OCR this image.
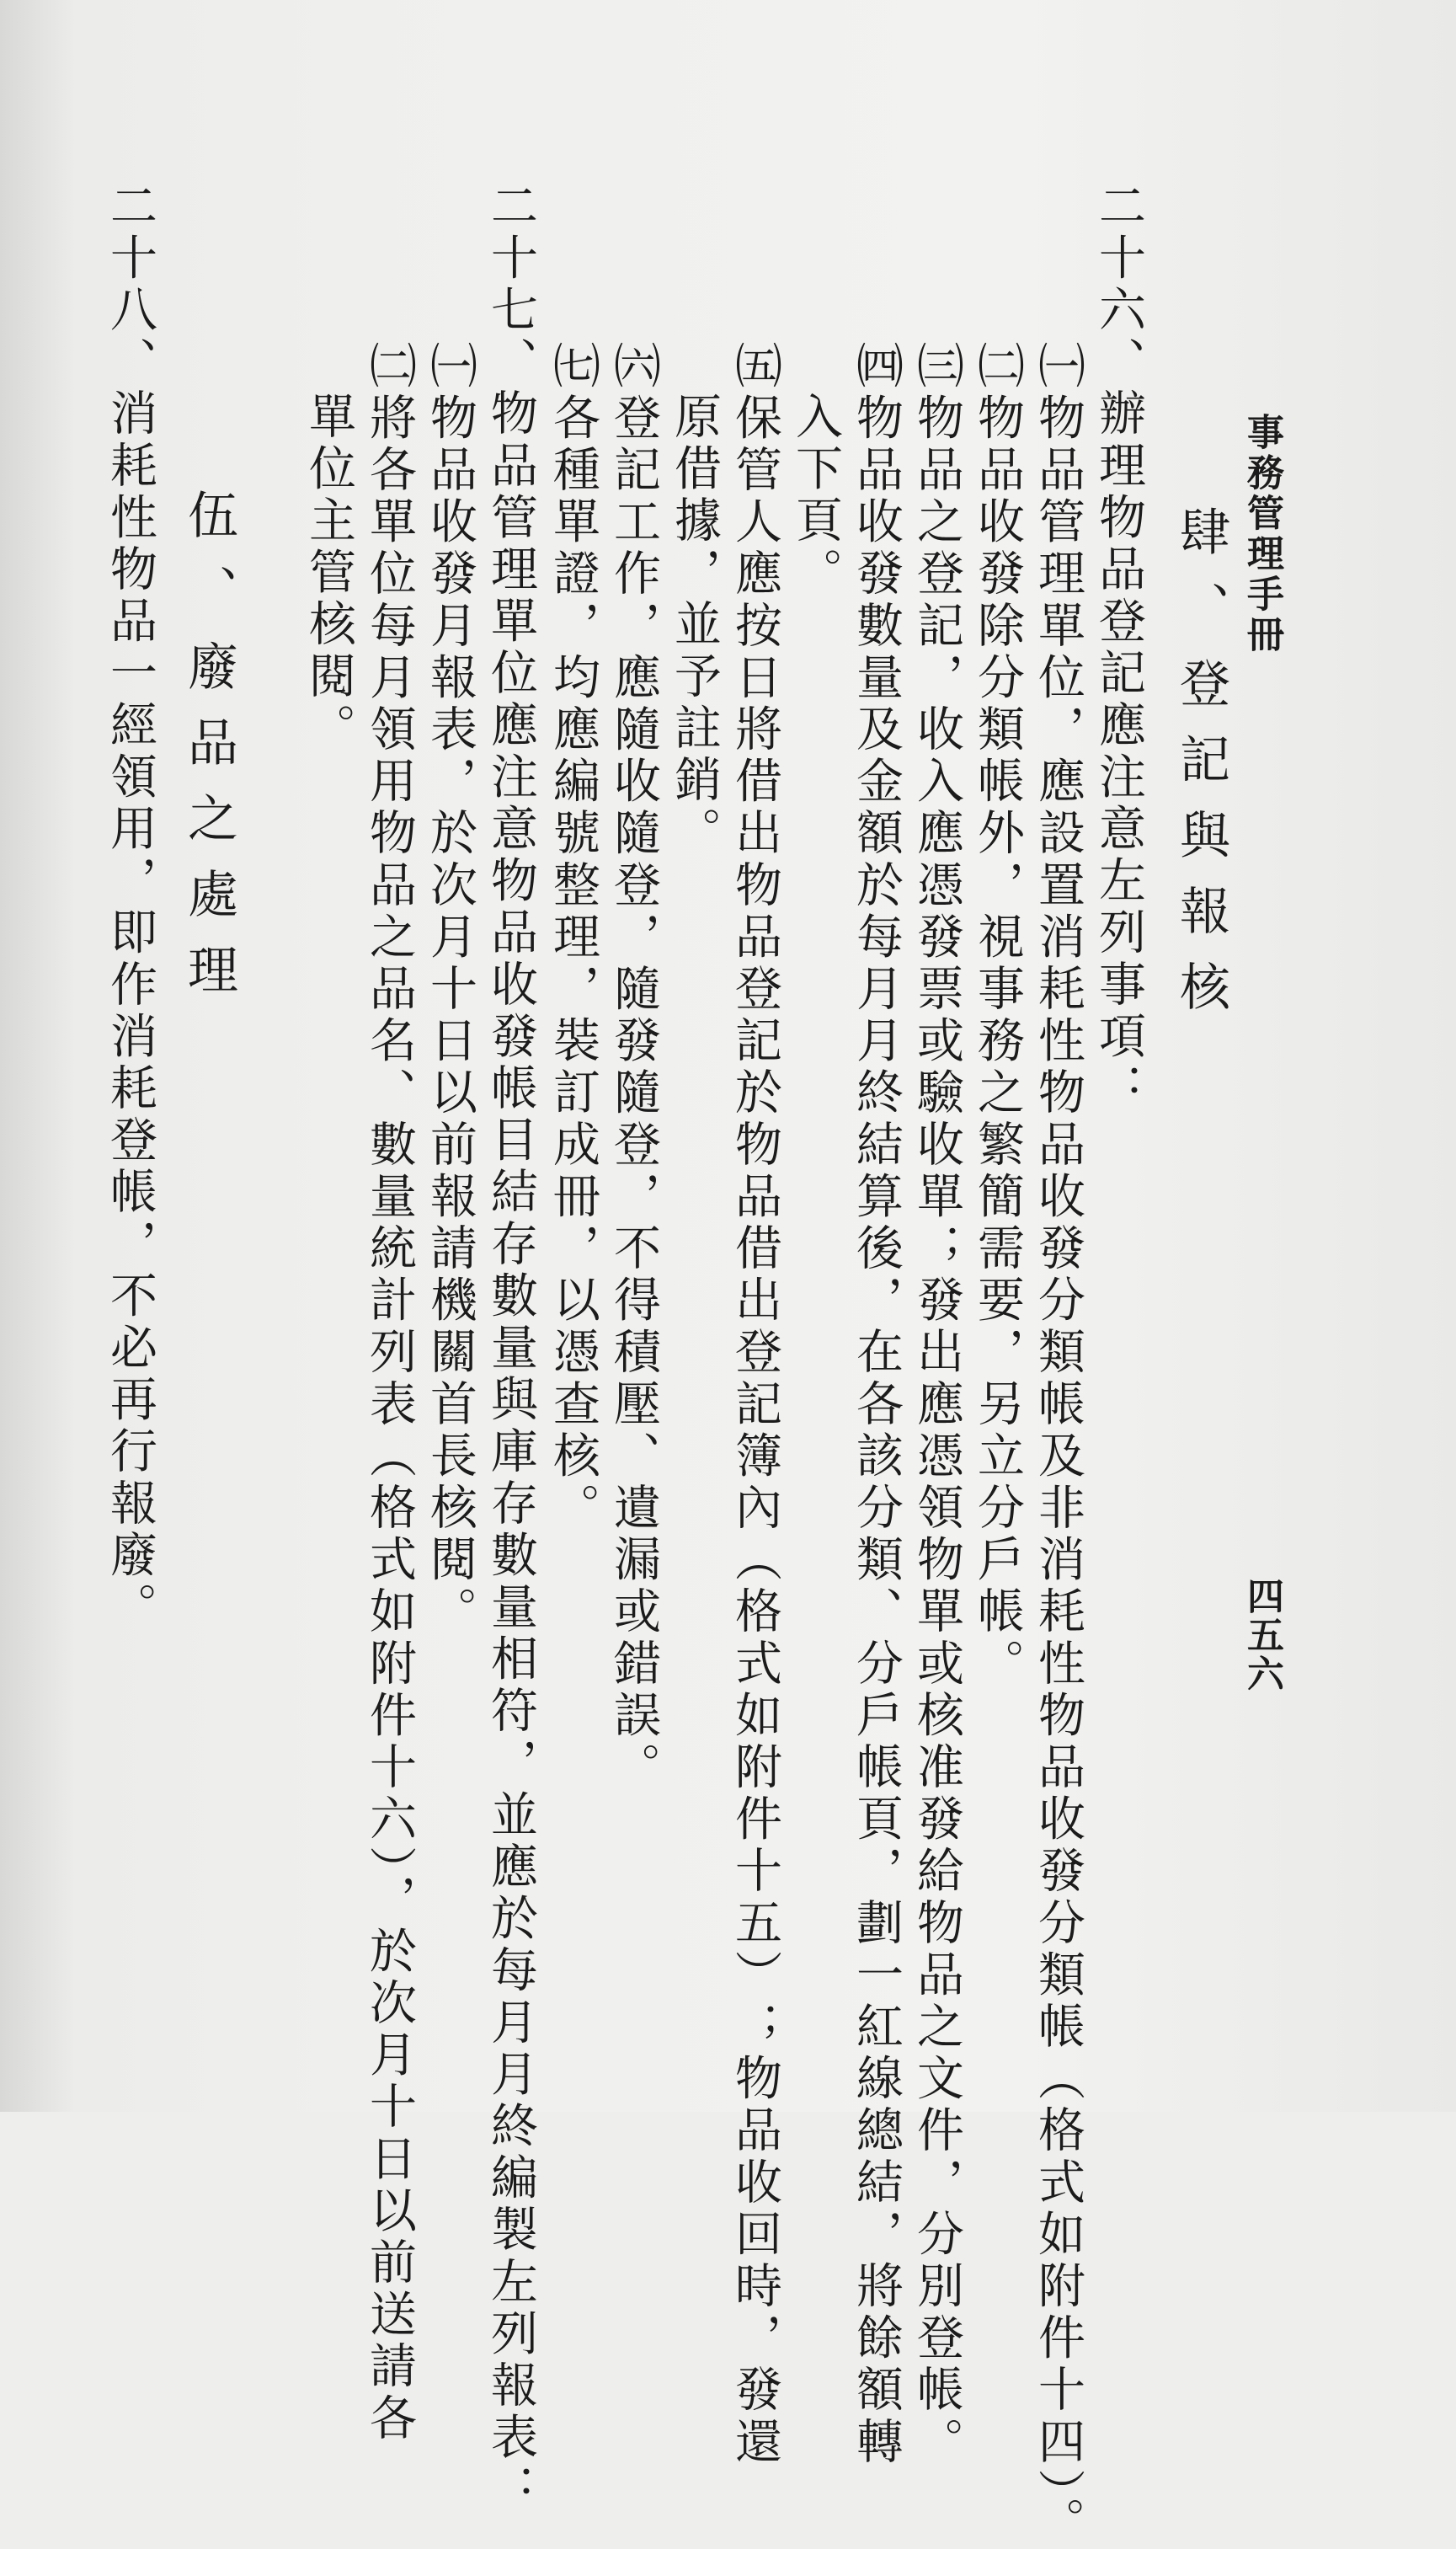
事務管理手冊
四五六
肆、登記與報核
二十六、辦理物品登記應注意左列事項：
㈠物品管理單位，應設置消耗性物品收發分類帳及非消耗性物品收發分類帳（格式如附件十四）。
㈡物品收發除分類帳外，視事務之繁簡需要，另立分戶帳。
㈢物品之登記，收入應憑發票或驗收單；發出應憑領物單或核准發給物品之文件，分別登帳。
㈣物品收發數量及金額於每月月終結算後，在各該分類、分戶帳頁，劃一紅線總結，將餘額轉
入下頁。
㈤保管人應按日將借出物品登記於物品借出登記簿內（格式如附件十五）；物品收回時，發還
原借據，並予註銷。
㈥登記工作，應隨收隨登，隨發隨登，不得積壓、遺漏或錯誤。
㈦各種單證，均應編號整理，裝訂成冊，以憑查核。
二十七、物品管理單位應注意物品收發帳目結存數量與庫存數量相符，並應於每月月終編製左列報表：
㈠物品收發月報表，於次月十日以前報請機關首長核閱。
㈡將各單位每月領用物品之品名、數量統計列表（格式如附件十六），於次月十日以前送請各
單位主管核閱。
伍、廢品之處理
二十八、消耗性物品一經領用，即作消耗登帳，不必再行報廢。
